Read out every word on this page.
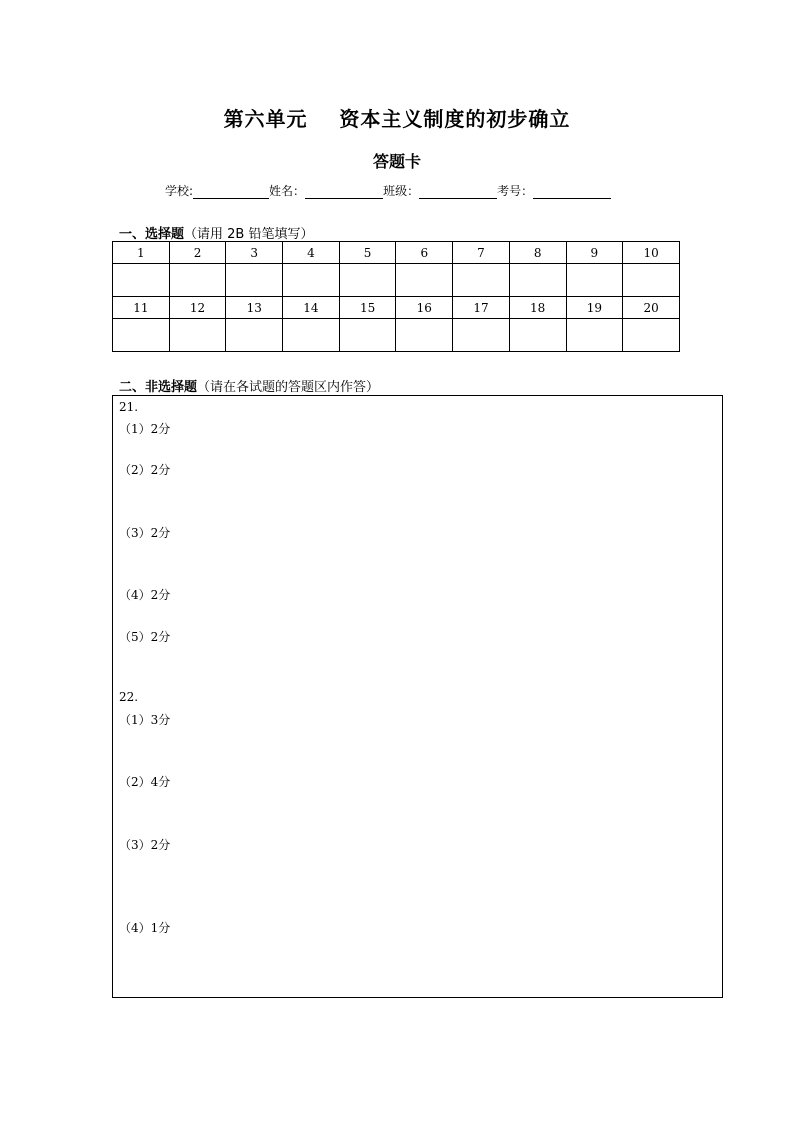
第六单元    资本主义制度的初步确立
答题卡
学校:	姓名：	班级：	考号：
一、选择题（请用 2B 铅笔填写）
1	2	3	4	5	6	7	8	9	10

11	12	13	14	15	16	17	18	19	20

二、非选择题（请在各试题的答题区内作答）
21.
（1）2分
（2）2分
（3）2分
（4）2分
（5）2分
22.
（1）3分
（2）4分
（3）2分
（4）1分
